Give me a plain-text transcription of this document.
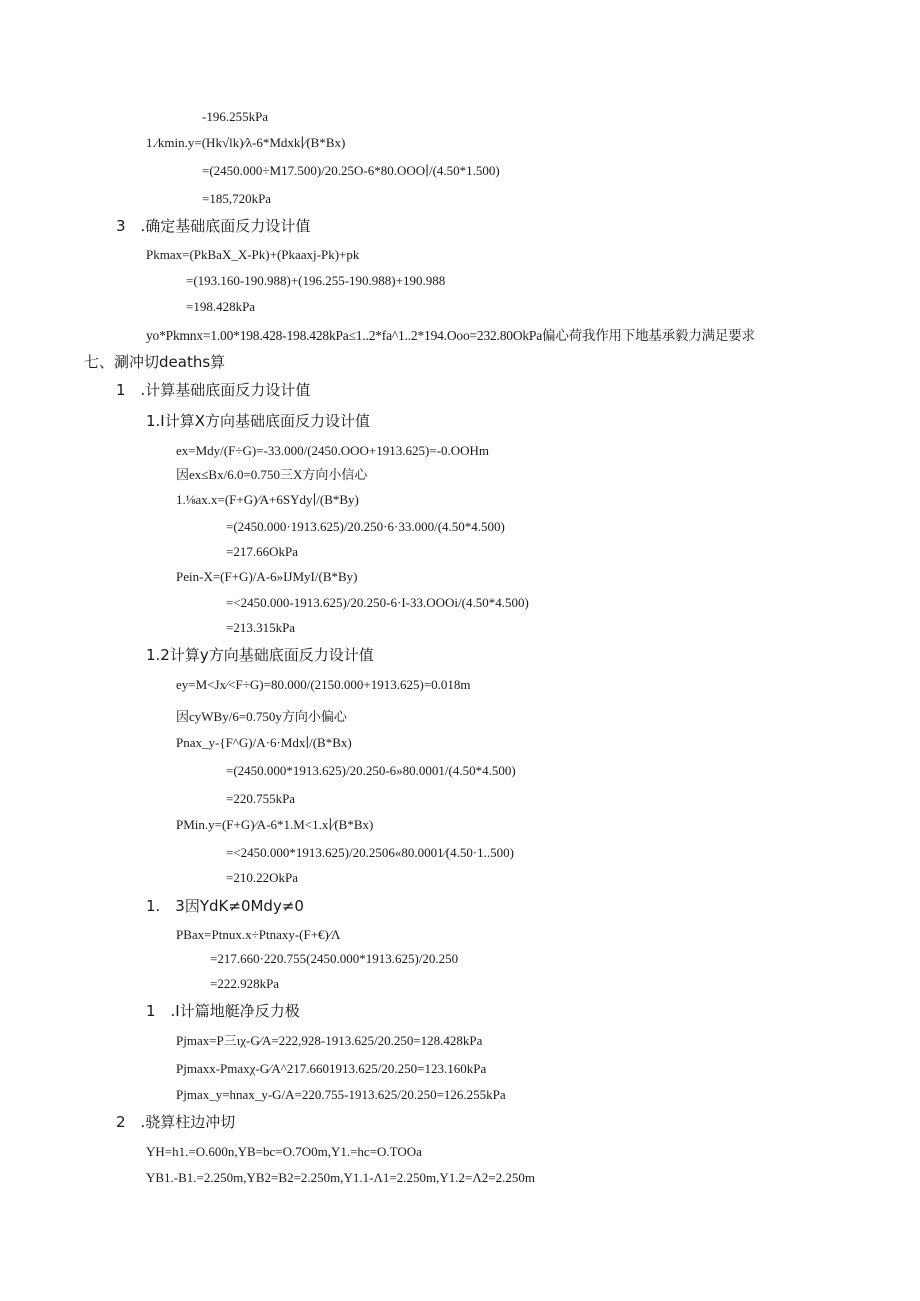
-196.255kPa
1.⁄kmin.y=(Hk√lk)⁄λ-6*Mdxk∣⁄(B*Bx)
=(2450.000÷M17.500)/20.25O-6*80.OOO∣/(4.50*1.500)
=185,720kPa
3　.确定基础底面反力设计值
Pkmax=(PkBaX_X-Pk)+(Pkaaxj-Pk)+pk
=(193.160-190.988)+(196.255-190.988)+190.988
=198.428kPa
yo*Pkmnx=1.00*198.428-198.428kPa≤1..2*fa^1..2*194.Ooo=232.80OkPa偏心荷我作用下地基承毅力满足要求
七、涮冲切deaths算
1　.计算基础底面反力设计值
1.I计算X方向基础底面反力设计值
ex=Mdy/(F÷G)=-33.000/(2450.OOO+1913.625)=-0.OOHm
因ex≤Bx/6.0=0.750三X方向小信心
1.⅛ax.x=(F+G)⁄A+6SYdy∣/(B*By)
=(2450.000·1913.625)/20.250·6·33.000/(4.50*4.500)
=217.66OkPa
Pein-X=(F+G)/A-6»IJMyI/(B*By)
=<2450.000-1913.625)/20.250-6·I-33.OOOi/(4.50*4.500)
=213.315kPa
1.2计算y方向基础底面反力设计值
ey=M<Jx⁄<F÷G)=80.000/(2150.000+1913.625)=0.018m
因cyWBy/6=0.750y方向小偏心
Pnax_y-{F^G)/A·6·Mdx∣/(B*Bx)
=(2450.000*1913.625)/20.250-6»80.0001/(4.50*4.500)
=220.755kPa
PMin.y=(F+G)⁄A-6*1.M<1.x∣⁄(B*Bx)
=<2450.000*1913.625)/20.2506«80.0001⁄(4.50·1..500)
=210.22OkPa
1. 3因YdK≠0Mdy≠0
PBax=Ptnux.x÷Ptnaxy-(F+€)⁄Λ
=217.660·220.755(2450.000*1913.625)/20.250
=222.928kPa
1　.I计篇地艇净反力极
Pjmax=P三ιχ-G⁄A=222,928-1913.625/20.250=128.428kPa
Pjmaxx-Pmaxχ-G⁄A^217.6601913.625/20.250=123.160kPa
Pjmax_y=hnax_y-G/A=220.755-1913.625/20.250=126.255kPa
2　.骁算柱边冲切
YH=h1.=O.600n,YB=bc=O.7O0m,Y1.=hc=O.TOOa
YB1.-B1.=2.250m,YB2=B2=2.250m,Y1.1-Λ1=2.250m,Y1.2=Λ2=2.250m
